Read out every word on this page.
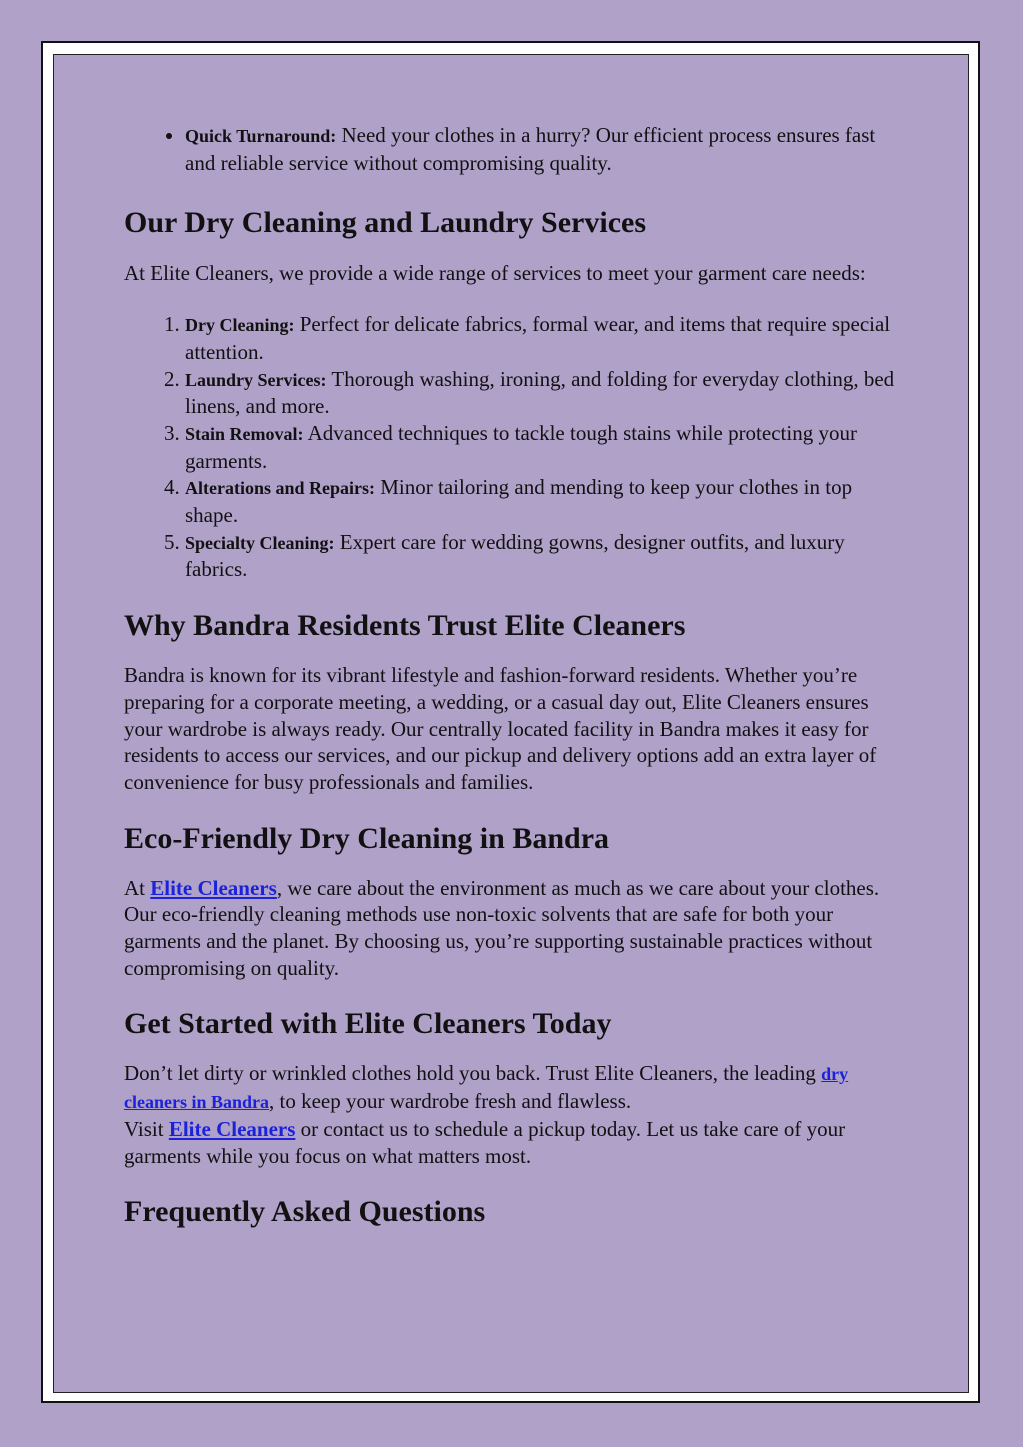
• Quick Turnaround: Need your clothes in a hurry? Our efficient process ensures fast and reliable service without compromising quality.
Our Dry Cleaning and Laundry Services

At Elite Cleaners, we provide a wide range of services to meet your garment care needs:

1. Dry Cleaning: Perfect for delicate fabrics, formal wear, and items that require special attention.
2. Laundry Services: Thorough washing, ironing, and folding for everyday clothing, bed linens, and more.
3. Stain Removal: Advanced techniques to tackle tough stains while protecting your garments.
4. Alterations and Repairs: Minor tailoring and mending to keep your clothes in top shape.
5. Specialty Cleaning: Expert care for wedding gowns, designer outfits, and luxury fabrics.
Why Bandra Residents Trust Elite Cleaners

Bandra is known for its vibrant lifestyle and fashion-forward residents. Whether you’re preparing for a corporate meeting, a wedding, or a casual day out, Elite Cleaners ensures your wardrobe is always ready. Our centrally located facility in Bandra makes it easy for residents to access our services, and our pickup and delivery options add an extra layer of convenience for busy professionals and families.

Eco-Friendly Dry Cleaning in Bandra

At Elite Cleaners, we care about the environment as much as we care about your clothes. Our eco-friendly cleaning methods use non-toxic solvents that are safe for both your garments and the planet. By choosing us, you’re supporting sustainable practices without compromising on quality.

Get Started with Elite Cleaners Today

Don’t let dirty or wrinkled clothes hold you back. Trust Elite Cleaners, the leading dry cleaners in Bandra, to keep your wardrobe fresh and flawless.
Visit Elite Cleaners or contact us to schedule a pickup today. Let us take care of your garments while you focus on what matters most.

Frequently Asked Questions
